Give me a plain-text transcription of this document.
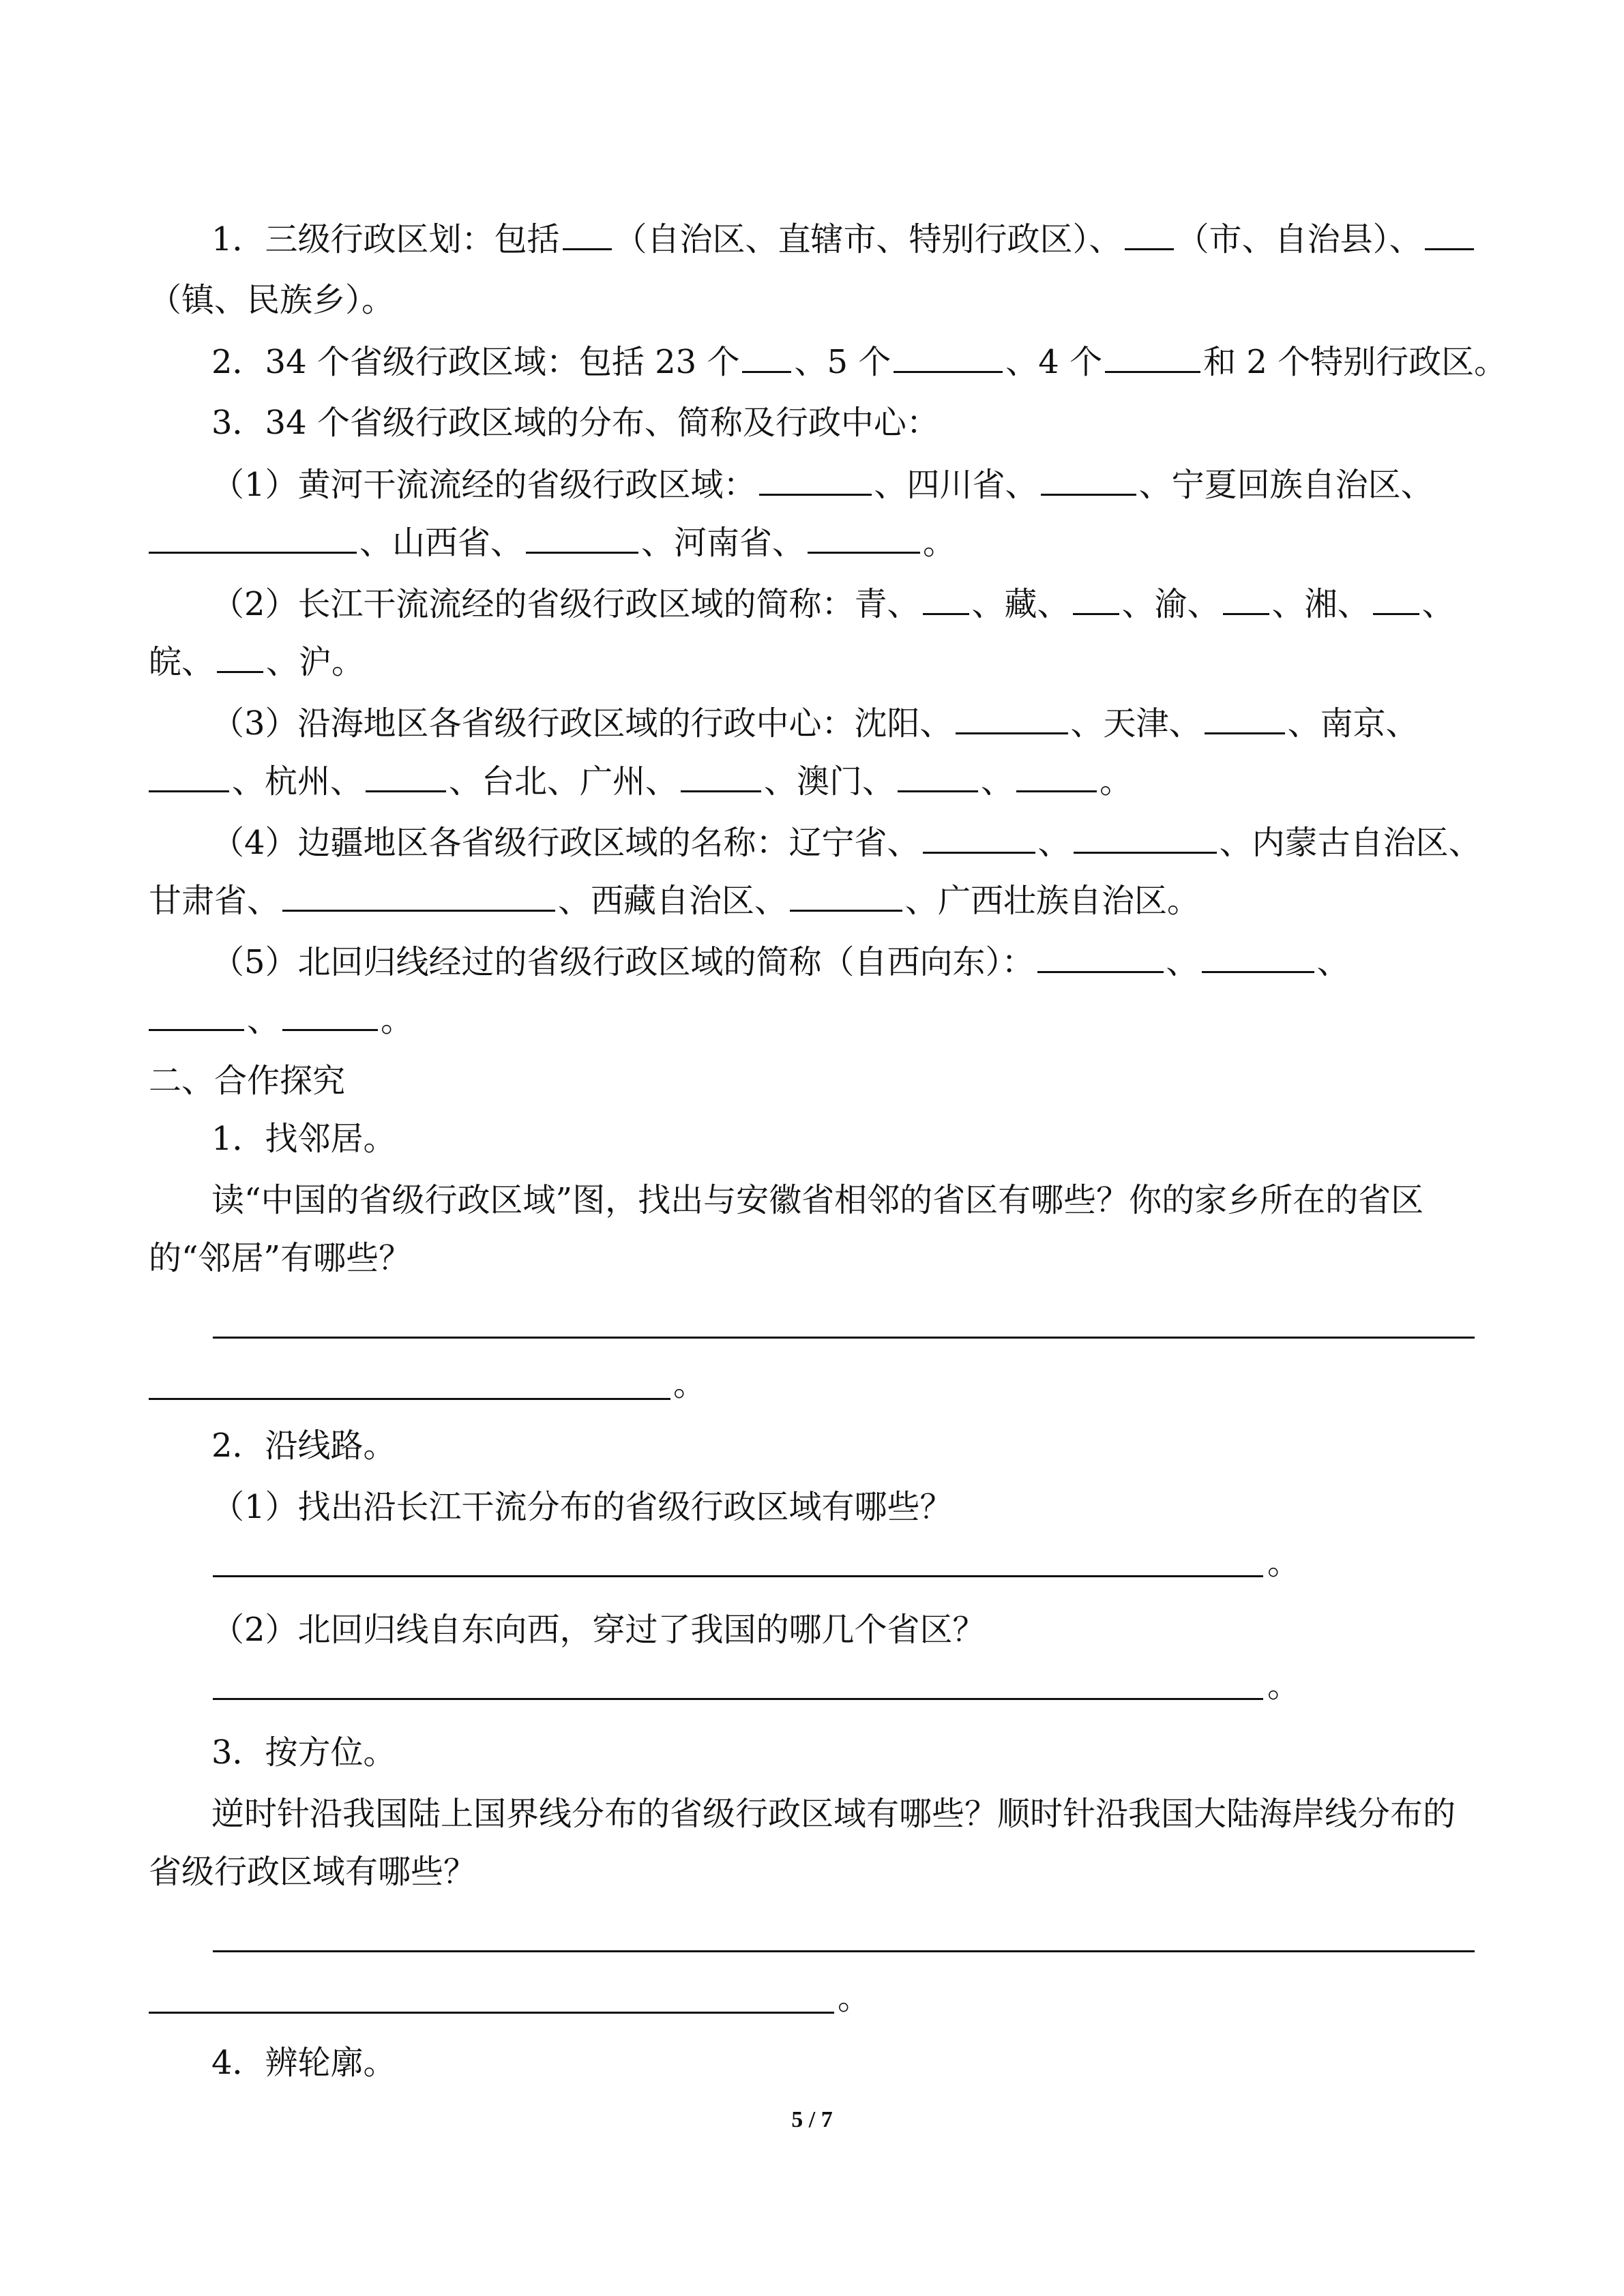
1．三级行政区划：包括 （自治区、直辖市、特别行政区）、 （市、自治县）、
（镇、民族乡）。
2．34 个省级行政区域：包括 23 个 、5 个	、4 个	和 2 个特别行政区。
3．34 个省级行政区域的分布、简称及行政中心：
（1）黄河干流流经的省级行政区域：	、四川省、	、宁夏回族自治区、
、山西省、	、河南省、	。
（2）长江干流流经的省级行政区域的简称：青、 、藏、 、渝、 、湘、 、
皖、 、沪。
（3）沿海地区各省级行政区域的行政中心：沈阳、	、天津、	、南京、
、杭州、	、台北、广州、	、澳门、	、	。
（4）边疆地区各省级行政区域的名称：辽宁省、	、	、内蒙古自治区、
甘肃省、	、西藏自治区、	、广西壮族自治区。
（5）北回归线经过的省级行政区域的简称（自西向东）：	、	、
、	。
二、合作探究
1．找邻居。
读“中国的省级行政区域”图，找出与安徽省相邻的省区有哪些？你的家乡所在的省区
的“邻居”有哪些？
。
2．沿线路。
（1）找出沿长江干流分布的省级行政区域有哪些？
。
（2）北回归线自东向西，穿过了我国的哪几个省区？
。
3．按方位。
逆时针沿我国陆上国界线分布的省级行政区域有哪些？顺时针沿我国大陆海岸线分布的
省级行政区域有哪些？
。
4．辨轮廓。
5 / 7
